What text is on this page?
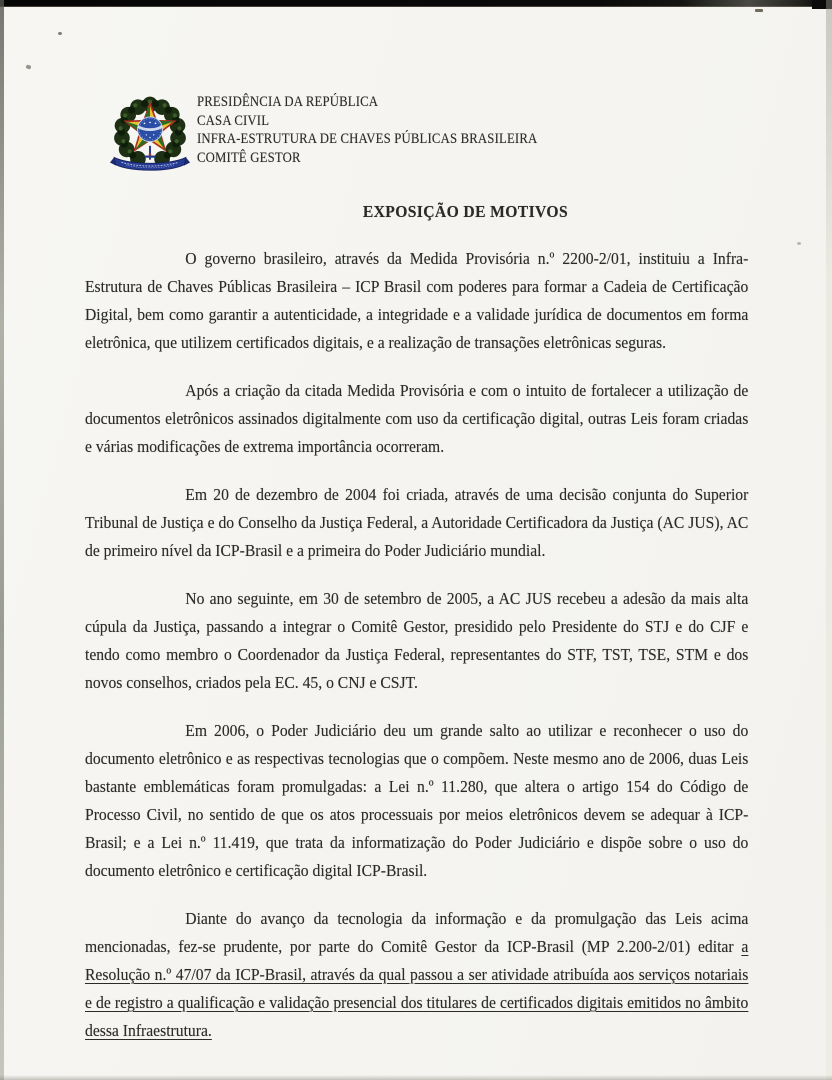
PRESIDÊNCIA DA REPÚBLICA
CASA CIVIL
INFRA-ESTRUTURA DE CHAVES PÚBLICAS BRASILEIRA
COMITÊ GESTOR
EXPOSIÇÃO DE MOTIVOS

O governo brasileiro, através da Medida Provisória n.º 2200-2/01, instituiu a Infra-Estrutura de Chaves Públicas Brasileira – ICP Brasil com poderes para formar a Cadeia de Certificação Digital, bem como garantir a autenticidade, a integridade e a validade jurídica de documentos em forma eletrônica, que utilizem certificados digitais, e a realização de transações eletrônicas seguras.

Após a criação da citada Medida Provisória e com o intuito de fortalecer a utilização de documentos eletrônicos assinados digitalmente com uso da certificação digital, outras Leis foram criadas e várias modificações de extrema importância ocorreram.

Em 20 de dezembro de 2004 foi criada, através de uma decisão conjunta do Superior Tribunal de Justiça e do Conselho da Justiça Federal, a Autoridade Certificadora da Justiça (AC JUS), AC de primeiro nível da ICP-Brasil e a primeira do Poder Judiciário mundial.

No ano seguinte, em 30 de setembro de 2005, a AC JUS recebeu a adesão da mais alta cúpula da Justiça, passando a integrar o Comitê Gestor, presidido pelo Presidente do STJ e do CJF e tendo como membro o Coordenador da Justiça Federal, representantes do STF, TST, TSE, STM e dos novos conselhos, criados pela EC. 45, o CNJ e CSJT.

Em 2006, o Poder Judiciário deu um grande salto ao utilizar e reconhecer o uso do documento eletrônico e as respectivas tecnologias que o compõem. Neste mesmo ano de 2006, duas Leis bastante emblemáticas foram promulgadas: a Lei n.º 11.280, que altera o artigo 154 do Código de Processo Civil, no sentido de que os atos processuais por meios eletrônicos devem se adequar à ICP-Brasil; e a Lei n.º 11.419, que trata da informatização do Poder Judiciário e dispõe sobre o uso do documento eletrônico e certificação digital ICP-Brasil.

Diante do avanço da tecnologia da informação e da promulgação das Leis acima mencionadas, fez-se prudente, por parte do Comitê Gestor da ICP-Brasil (MP 2.200-2/01) editar a Resolução n.º 47/07 da ICP-Brasil, através da qual passou a ser atividade atribuída aos serviços notariais e de registro a qualificação e validação presencial dos titulares de certificados digitais emitidos no âmbito dessa Infraestrutura.
